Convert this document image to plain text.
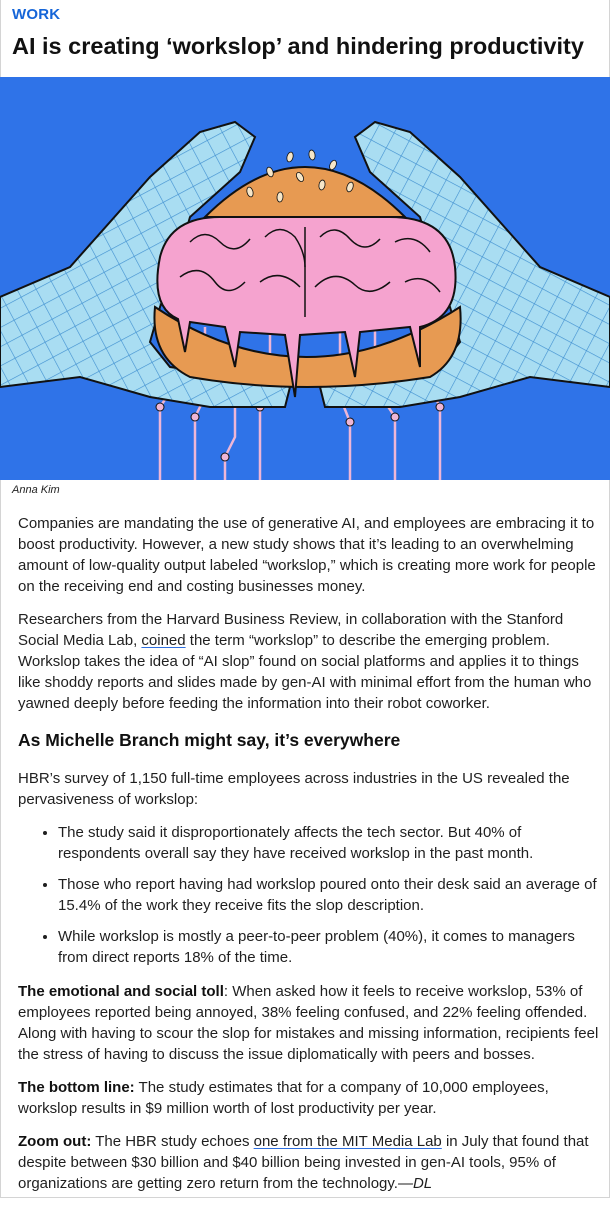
WORK
AI is creating ‘workslop’ and hindering productivity
Anna Kim

Companies are mandating the use of generative AI, and employees are embracing it to boost productivity. However, a new study shows that it’s leading to an overwhelming amount of low-quality output labeled “workslop,” which is creating more work for people on the receiving end and costing businesses money.

Researchers from the Harvard Business Review, in collaboration with the Stanford Social Media Lab, coined the term “workslop” to describe the emerging problem. Workslop takes the idea of “AI slop” found on social platforms and applies it to things like shoddy reports and slides made by gen-AI with minimal effort from the human who yawned deeply before feeding the information into their robot coworker.

As Michelle Branch might say, it’s everywhere

HBR’s survey of 1,150 full-time employees across industries in the US revealed the pervasiveness of workslop:

• The study said it disproportionately affects the tech sector. But 40% of respondents overall say they have received workslop in the past month.
• Those who report having had workslop poured onto their desk said an average of 15.4% of the work they receive fits the slop description.
• While workslop is mostly a peer-to-peer problem (40%), it comes to managers from direct reports 18% of the time.

The emotional and social toll: When asked how it feels to receive workslop, 53% of employees reported being annoyed, 38% feeling confused, and 22% feeling offended. Along with having to scour the slop for mistakes and missing information, recipients feel the stress of having to discuss the issue diplomatically with peers and bosses.

The bottom line: The study estimates that for a company of 10,000 employees, workslop results in $9 million worth of lost productivity per year.

Zoom out: The HBR study echoes one from the MIT Media Lab in July that found that despite between $30 billion and $40 billion being invested in gen-AI tools, 95% of organizations are getting zero return from the technology.—DL
